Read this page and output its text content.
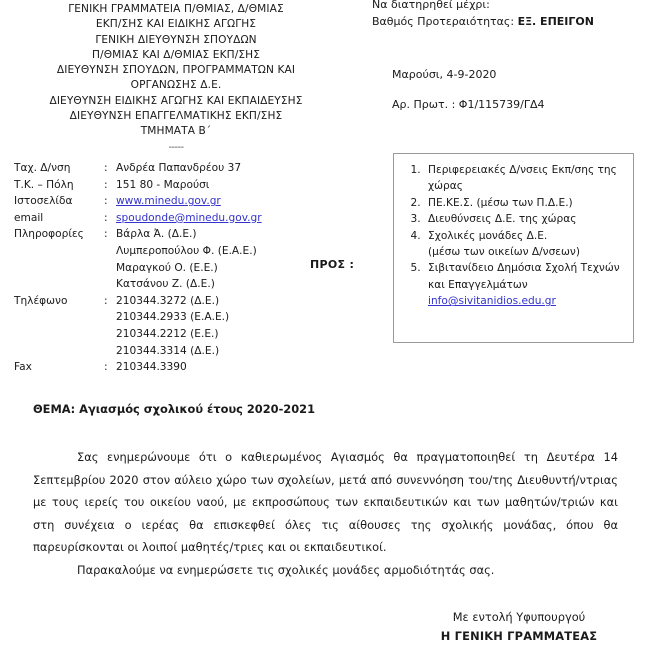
ΓΕΝΙΚΗ ΓΡΑΜΜΑΤΕΙΑ Π/ΘΜΙΑΣ, Δ/ΘΜΙΑΣ
ΕΚΠ/ΣΗΣ ΚΑΙ ΕΙΔΙΚΗΣ ΑΓΩΓΗΣ
ΓΕΝΙΚΗ ΔΙΕΥΘΥΝΣΗ ΣΠΟΥΔΩΝ
Π/ΘΜΙΑΣ ΚΑΙ Δ/ΘΜΙΑΣ ΕΚΠ/ΣΗΣ
ΔΙΕΥΘΥΝΣΗ ΣΠΟΥΔΩΝ, ΠΡΟΓΡΑΜΜΑΤΩΝ ΚΑΙ
ΟΡΓΑΝΩΣΗΣ Δ.Ε.
ΔΙΕΥΘΥΝΣΗ ΕΙΔΙΚΗΣ ΑΓΩΓΗΣ ΚΑΙ ΕΚΠΑΙΔΕΥΣΗΣ
ΔΙΕΥΘΥΝΣΗ ΕΠΑΓΓΕΛΜΑΤΙΚΗΣ ΕΚΠ/ΣΗΣ
ΤΜΗΜΑΤΑ Β΄
-----
Να διατηρηθεί μέχρι:
Βαθμός Προτεραιότητας: ΕΞ. ΕΠΕΙΓΟΝ
Μαρούσι, 4-9-2020
Αρ. Πρωτ. : Φ1/115739/ΓΔ4
Ταχ. Δ/νση	:	Ανδρέα Παπανδρέου 37
Τ.Κ. – Πόλη	:	151 80 - Μαρούσι
Ιστοσελίδα	:	www.minedu.gov.gr
email	:	spoudonde@minedu.gov.gr
Πληροφορίες	:	Βάρλα Ἀ. (Δ.Ε.)
		Λυμπεροπούλου Φ. (Ε.Α.Ε.)
		Μαραγκού Ο. (Ε.Ε.)
		Κατσάνου Ζ. (Δ.Ε.)
Τηλέφωνο	:	210344.3272 (Δ.Ε.)
		210344.2933 (Ε.Α.Ε.)
		210344.2212 (Ε.Ε.)
		210344.3314 (Δ.Ε.)
Fax	:	210344.3390
ΠΡΟΣ :
1. Περιφερειακές Δ/νσεις Εκπ/σης της χώρας
2. ΠΕ.ΚΕ.Σ. (μέσω των Π.Δ.Ε.)
3. Διευθύνσεις Δ.Ε. της χώρας
4. Σχολικές μονάδες Δ.Ε.
(μέσω των οικείων Δ/νσεων)
5. Σιβιτανίδειο Δημόσια Σχολή Τεχνών και Επαγγελμάτων
info@sivitanidios.edu.gr
ΘΕΜΑ: Αγιασμός σχολικού έτους 2020-2021

Σας ενημερώνουμε ότι ο καθιερωμένος Αγιασμός θα πραγματοποιηθεί τη Δευτέρα 14 Σεπτεμβρίου 2020 στον αύλειο χώρο των σχολείων, μετά από συνεννόηση του/της Διευθυντή/ντριας με τους ιερείς του οικείου ναού, με εκπροσώπους των εκπαιδευτικών και των μαθητών/τριών και στη συνέχεια ο ιερέας θα επισκεφθεί όλες τις αίθουσες της σχολικής μονάδας, όπου θα παρευρίσκονται οι λοιποί μαθητές/τριες και οι εκπαιδευτικοί.

Παρακαλούμε να ενημερώσετε τις σχολικές μονάδες αρμοδιότητάς σας.

Με εντολή Υφυπουργού
Η ΓΕΝΙΚΗ ΓΡΑΜΜΑΤΕΑΣ
